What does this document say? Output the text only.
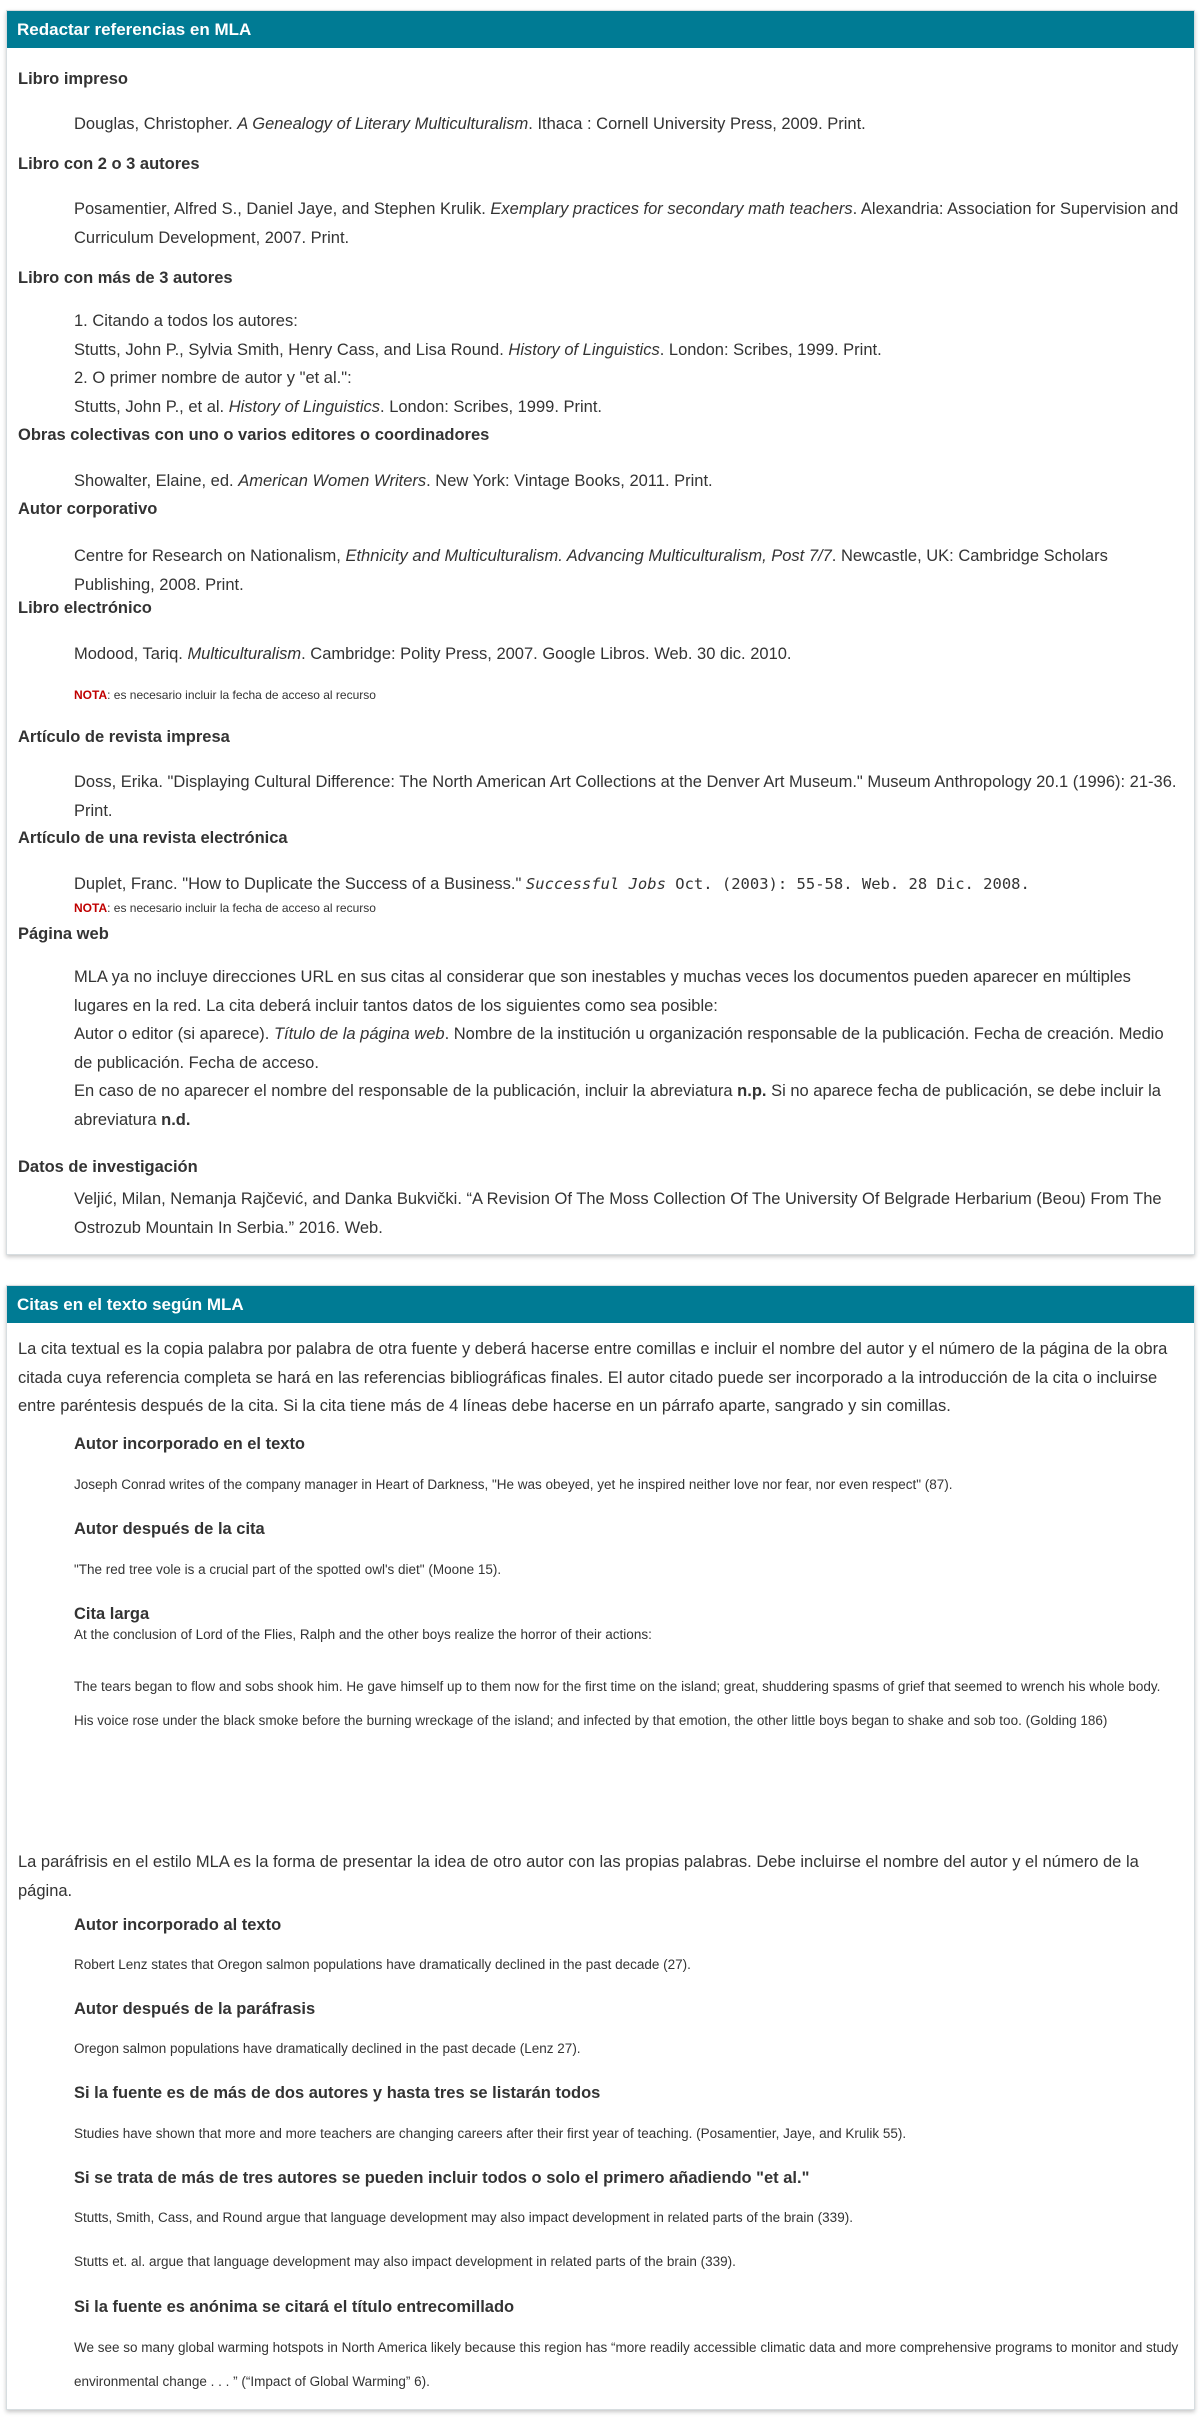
Redactar referencias en MLA
Libro impreso
Douglas, Christopher. A Genealogy of Literary Multiculturalism. Ithaca : Cornell University Press, 2009. Print.
Libro con 2 o 3 autores
Posamentier, Alfred S., Daniel Jaye, and Stephen Krulik. Exemplary practices for secondary math teachers. Alexandria: Association for Supervision and Curriculum Development, 2007. Print.
Libro con más de 3 autores
1. Citando a todos los autores:
Stutts, John P., Sylvia Smith, Henry Cass, and Lisa Round. History of Linguistics. London: Scribes, 1999. Print.
2. O primer nombre de autor y "et al.":
Stutts, John P., et al. History of Linguistics. London: Scribes, 1999. Print.
Obras colectivas con uno o varios editores o coordinadores
Showalter, Elaine, ed. American Women Writers. New York: Vintage Books, 2011. Print.
Autor corporativo
Centre for Research on Nationalism, Ethnicity and Multiculturalism. Advancing Multiculturalism, Post 7/7. Newcastle, UK: Cambridge Scholars Publishing, 2008. Print.
Libro electrónico
Modood, Tariq. Multiculturalism. Cambridge: Polity Press, 2007. Google Libros. Web. 30 dic. 2010.
NOTA: es necesario incluir la fecha de acceso al recurso
Artículo de revista impresa
Doss, Erika. "Displaying Cultural Difference: The North American Art Collections at the Denver Art Museum." Museum Anthropology 20.1 (1996): 21-36. Print.
Artículo de una revista electrónica
Duplet, Franc. "How to Duplicate the Success of a Business." Successful Jobs Oct. (2003): 55-58. Web. 28 Dic. 2008.
NOTA: es necesario incluir la fecha de acceso al recurso
Página web
MLA ya no incluye direcciones URL en sus citas al considerar que son inestables y muchas veces los documentos pueden aparecer en múltiples lugares en la red. La cita deberá incluir tantos datos de los siguientes como sea posible:
Autor o editor (si aparece). Título de la página web. Nombre de la institución u organización responsable de la publicación. Fecha de creación. Medio de publicación. Fecha de acceso.
En caso de no aparecer el nombre del responsable de la publicación, incluir la abreviatura n.p. Si no aparece fecha de publicación, se debe incluir la abreviatura n.d.
Datos de investigación
Veljić, Milan, Nemanja Rajčević, and Danka Bukvički. “A Revision Of The Moss Collection Of The University Of Belgrade Herbarium (Beou) From The Ostrozub Mountain In Serbia.” 2016. Web.
Citas en el texto según MLA
La cita textual es la copia palabra por palabra de otra fuente y deberá hacerse entre comillas e incluir el nombre del autor y el número de la página de la obra citada cuya referencia completa se hará en las referencias bibliográficas finales. El autor citado puede ser incorporado a la introducción de la cita o incluirse entre paréntesis después de la cita. Si la cita tiene más de 4 líneas debe hacerse en un párrafo aparte, sangrado y sin comillas.
Autor incorporado en el texto
Joseph Conrad writes of the company manager in Heart of Darkness, "He was obeyed, yet he inspired neither love nor fear, nor even respect" (87).
Autor después de la cita
"The red tree vole is a crucial part of the spotted owl's diet" (Moone 15).
Cita larga
At the conclusion of Lord of the Flies, Ralph and the other boys realize the horror of their actions:
The tears began to flow and sobs shook him. He gave himself up to them now for the first time on the island; great, shuddering spasms of grief that seemed to wrench his whole body. His voice rose under the black smoke before the burning wreckage of the island; and infected by that emotion, the other little boys began to shake and sob too. (Golding 186)
La paráfrisis en el estilo MLA es la forma de presentar la idea de otro autor con las propias palabras. Debe incluirse el nombre del autor y el número de la página.
Autor incorporado al texto
Robert Lenz states that Oregon salmon populations have dramatically declined in the past decade (27).
Autor después de la paráfrasis
Oregon salmon populations have dramatically declined in the past decade (Lenz 27).
Si la fuente es de más de dos autores y hasta tres se listarán todos
Studies have shown that more and more teachers are changing careers after their first year of teaching. (Posamentier, Jaye, and Krulik 55).
Si se trata de más de tres autores se pueden incluir todos o solo el primero añadiendo "et al."
Stutts, Smith, Cass, and Round argue that language development may also impact development in related parts of the brain (339).
Stutts et. al. argue that language development may also impact development in related parts of the brain (339).
Si la fuente es anónima se citará el título entrecomillado
We see so many global warming hotspots in North America likely because this region has “more readily accessible climatic data and more comprehensive programs to monitor and study environmental change . . . ” (“Impact of Global Warming” 6).
